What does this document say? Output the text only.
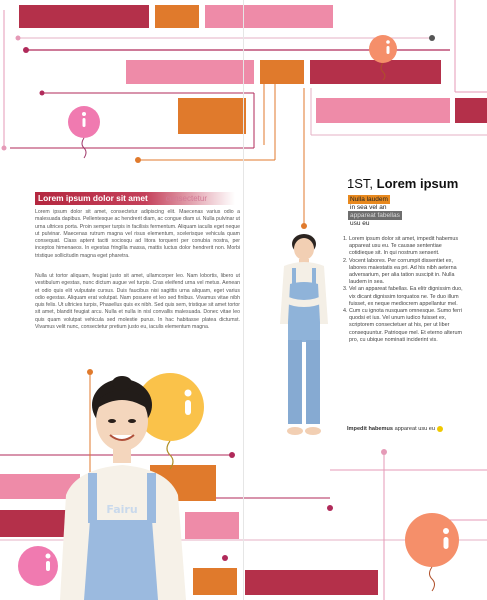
Lorem ipsum dolor sit amet consectetur
Lorem ipsum dolor sit amet, consectetur adipiscing elit. Maecenas varius odio a malesuada dapibus. Pellentesque ac hendrerit diam, ac congue diam ui. Nulla pulvinar ut urna ultrices porta. Proin semper turpis in facilisis fermentum. Aliquam iaculis eget neque ut pulvinar. Maecenas rutrum magna vel risus elementum, scelerisque vehicula quam consequat. Class aptent taciti sociosqu ad litora torquent per conubia nostra, per inceptos himenaeos. In egestas fringilla massa, mattis luctus dolor hendrerit non. Morbi tristique sollicitudin magna eget pharetra.
Nulla ut tortor aliquam, feugiat justo sit amet, ullamcorper leo. Nam lobortis, libero ut vestibulum egestas, nunc dictum augue vel turpis. Cras eleifend urna vel metus. Aenean et odio quis elit vulputate cursus. Duis faucibus nisi sagittis urna aliquam, eget varius odio egestas. Aliquam erat volutpat. Nam posuere et leo sed finibus. Vivamus vitae nibh quis felis. Ut ultricies turpis, Phasellus quis ex nibh. Sed quis sem, tristique sit amet tortor sit amet, blandit feugiat arcu. Nulla et nulla in nisl convallis malesuada. Donec vitae leo quis quam volutpat vehicula sed molestie purus. In hac habitasse platea dictumst. Vivamus velit nunc, consectetur pretium justo eu, iaculis elementum magna.
1ST, Lorem ipsum
Nulla laudem
in sea vel an
appareat fabellas
usu eu
1. Lorem ipsum dolor sit amet, impedit habemus appareat usu eu. Te causae sententiae cotidieque sit. In qui nostrum senserit.
2. Vocent labores. Per corrumpit dissentiet ex, labores maiestatis ea pri. Ad his nibh aeterna adversarium, per alia tation suscipit in. Nulla laudem in sea.
3. Vel an appareat fabellas. Ea elitr dignissim duo, vix dicant dignissim torquatos ne. Te duo illum fuisset, ex neque mediocrem appellantur mel.
4. Cum cu ignota nusquam omnesque. Sumo ferri quodsi et ius. Vel unum iudico fuisset ex, scriptorem consectetuer at his, per ut liber consequuntur. Patrioque mel. Et eterno alterum pro, cu ubique nominati inciderint vis.
Impedit habemus appareat usu eu
Fairu
